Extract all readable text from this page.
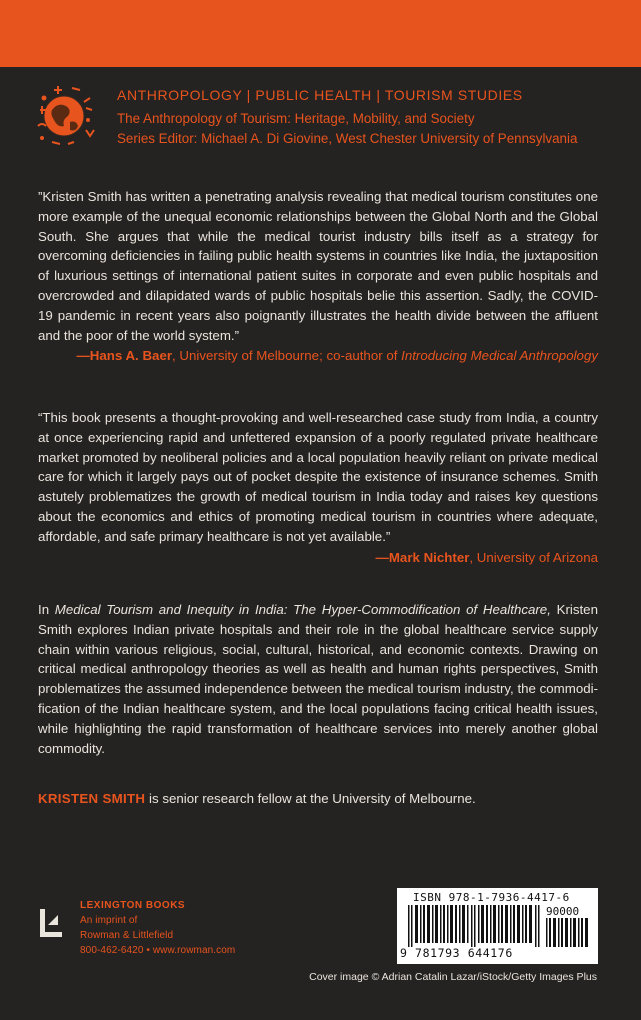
ANTHROPOLOGY | PUBLIC HEALTH | TOURISM STUDIES
The Anthropology of Tourism: Heritage, Mobility, and Society
Series Editor: Michael A. Di Giovine, West Chester University of Pennsylvania

”Kristen Smith has written a penetrating analysis revealing that medical tourism constitutes one more example of the unequal economic relationships between the Global North and the Global South. She argues that while the medical tourist industry bills itself as a strategy for overcoming deficiencies in failing public health systems in countries like India, the juxtaposition of luxurious settings of international patient suites in corporate and even public hospitals and overcrowded and dilapidated wards of public hospitals belie this assertion. Sadly, the COVID-19 pandemic in recent years also poignantly illustrates the health divide between the affluent and the poor of the world system.”

—Hans A. Baer, University of Melbourne; co-author of Introducing Medical Anthropology

“This book presents a thought-provoking and well-researched case study from India, a country at once experiencing rapid and unfettered expansion of a poorly regulated private healthcare market promoted by neoliberal policies and a local population heavily reliant on private medical care for which it largely pays out of pocket despite the existence of insurance schemes. Smith astutely problematizes the growth of medical tourism in India today and raises key questions about the economics and ethics of promoting medical tourism in countries where adequate, affordable, and safe primary healthcare is not yet available.”

—Mark Nichter, University of Arizona

In Medical Tourism and Inequity in India: The Hyper-Commodification of Healthcare, Kristen Smith explores Indian private hospitals and their role in the global healthcare service supply chain within various religious, social, cultural, historical, and economic contexts. Drawing on critical medical anthropology theories as well as health and human rights perspectives, Smith problematizes the assumed independence between the medical tourism industry, the commodification of the Indian healthcare system, and the local populations facing critical health issues, while highlighting the rapid transformation of healthcare services into merely another global commodity.

KRISTEN SMITH is senior research fellow at the University of Melbourne.
LEXINGTON BOOKS
An imprint of
Rowman & Littlefield
800-462-6420 • www.rowman.com
ISBN 978-1-7936-4417-6
90000
9 781793 644176
Cover image © Adrian Catalin Lazar/iStock/Getty Images Plus
